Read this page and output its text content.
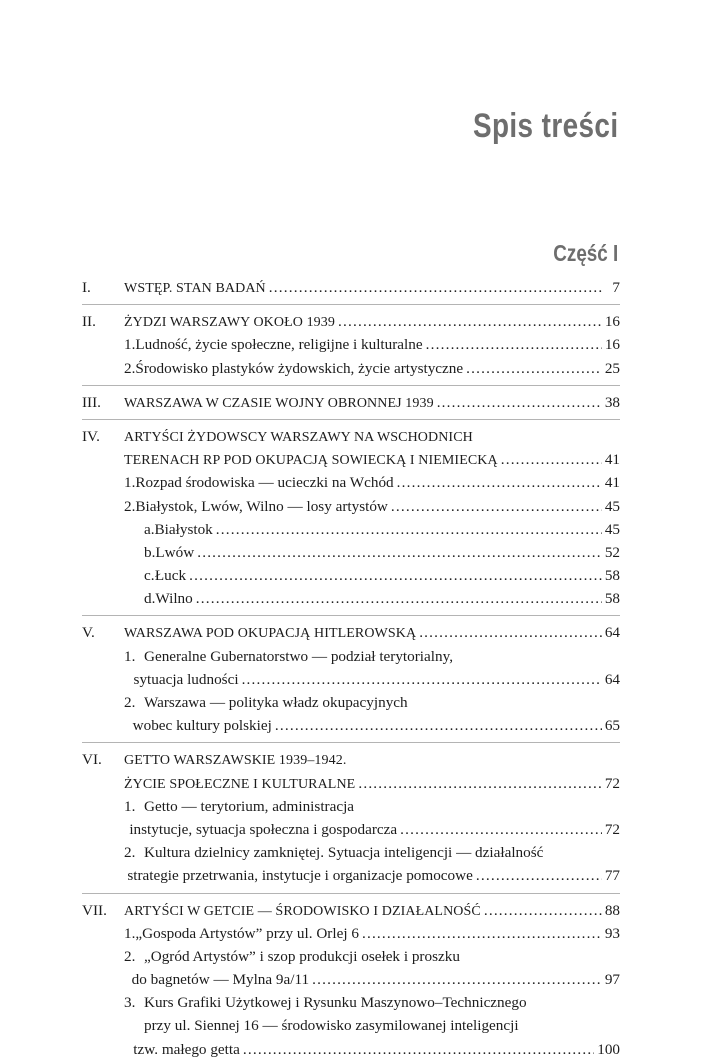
Spis treści
Część I
I.	WSTĘP. STAN BADAŃ . . .	7
II.	ŻYDZI WARSZAWY OKOŁO 1939 . . .	16
1. Ludność, życie społeczne, religijne i kulturalne . . .	16
2. Środowisko plastyków żydowskich, życie artystyczne . . .	25
III.	WARSZAWA W CZASIE WOJNY OBRONNEJ 1939 . . .	38
IV.	ARTYŚCI ŻYDOWSCY WARSZAWY NA WSCHODNICH
TERENACH RP POD OKUPACJĄ SOWIECKĄ I NIEMIECKĄ . . .	41
1. Rozpad środowiska — ucieczki na Wchód . . .	41
2. Białystok, Lwów, Wilno — losy artystów . . .	45
a. Białystok . . .	45
b. Lwów . . .	52
c. Łuck . . .	58
d. Wilno . . .	58
V.	WARSZAWA POD OKUPACJĄ HITLEROWSKĄ . . .	64
1. Generalne Gubernatorstwo — podział terytorialny,
sytuacja ludności . . .	64
2. Warszawa — polityka władz okupacyjnych
wobec kultury polskiej . . .	65
VI.	GETTO WARSZAWSKIE 1939–1942.
ŻYCIE SPOŁECZNE I KULTURALNE . . .	72
1. Getto — terytorium, administracja
instytucje, sytuacja społeczna i gospodarcza . . .	72
2. Kultura dzielnicy zamkniętej. Sytuacja inteligencji — działalność
strategie przetrwania, instytucje i organizacje pomocowe . . .	77
VII.	ARTYŚCI W GETCIE — ŚRODOWISKO I DZIAŁALNOŚĆ . . .	88
1. „Gospoda Artystów” przy ul. Orlej 6 . . .	93
2. „Ogród Artystów” i szop produkcji osełek i proszku
do bagnetów — Mylna 9a/11 . . .	97
3. Kurs Grafiki Użytkowej i Rysunku Maszynowo–Technicznego
przy ul. Siennej 16 — środowisko zasymilowanej inteligencji
tzw. małego getta . . .	100
